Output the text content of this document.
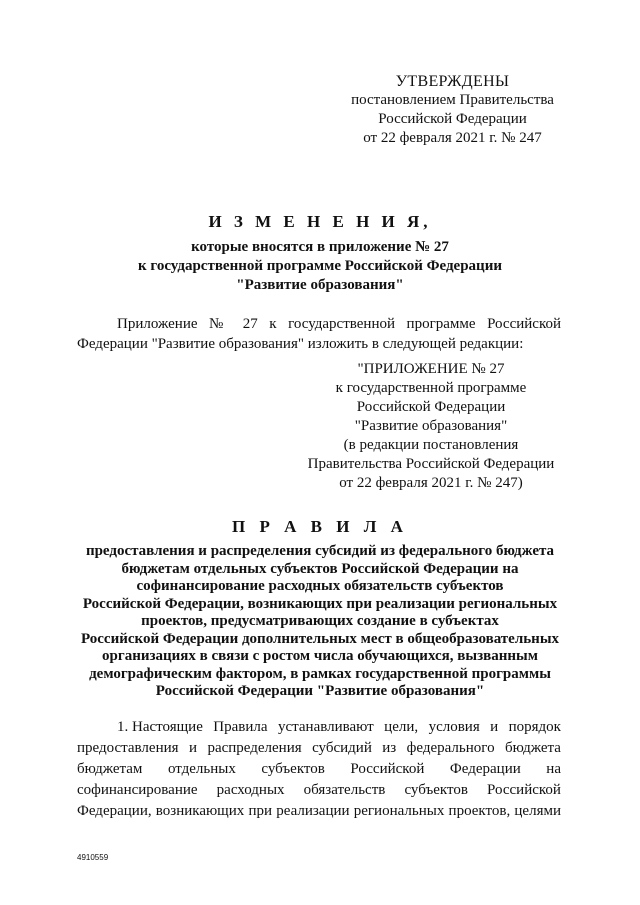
УТВЕРЖДЕНЫ
постановлением Правительства
Российской Федерации
от 22 февраля 2021 г. № 247
И З М Е Н Е Н И Я,
которые вносятся в приложение № 27
к государственной программе Российской Федерации
"Развитие образования"
Приложение № 27 к государственной программе Российской Федерации "Развитие образования" изложить в следующей редакции:
"ПРИЛОЖЕНИЕ № 27
к государственной программе
Российской Федерации
"Развитие образования"
(в редакции постановления
Правительства Российской Федерации
от 22 февраля 2021 г. № 247)
П Р А В И Л А
предоставления и распределения субсидий из федерального бюджета
бюджетам отдельных субъектов Российской Федерации на
софинансирование расходных обязательств субъектов
Российской Федерации, возникающих при реализации региональных
проектов, предусматривающих создание в субъектах
Российской Федерации дополнительных мест в общеобразовательных
организациях в связи с ростом числа обучающихся, вызванным
демографическим фактором, в рамках государственной программы
Российской Федерации "Развитие образования"
1. Настоящие Правила устанавливают цели, условия и порядок
предоставления и распределения субсидий из федерального бюджета
бюджетам отдельных субъектов Российской Федерации на
софинансирование расходных обязательств субъектов Российской
Федерации, возникающих при реализации региональных проектов, целями
4910559
